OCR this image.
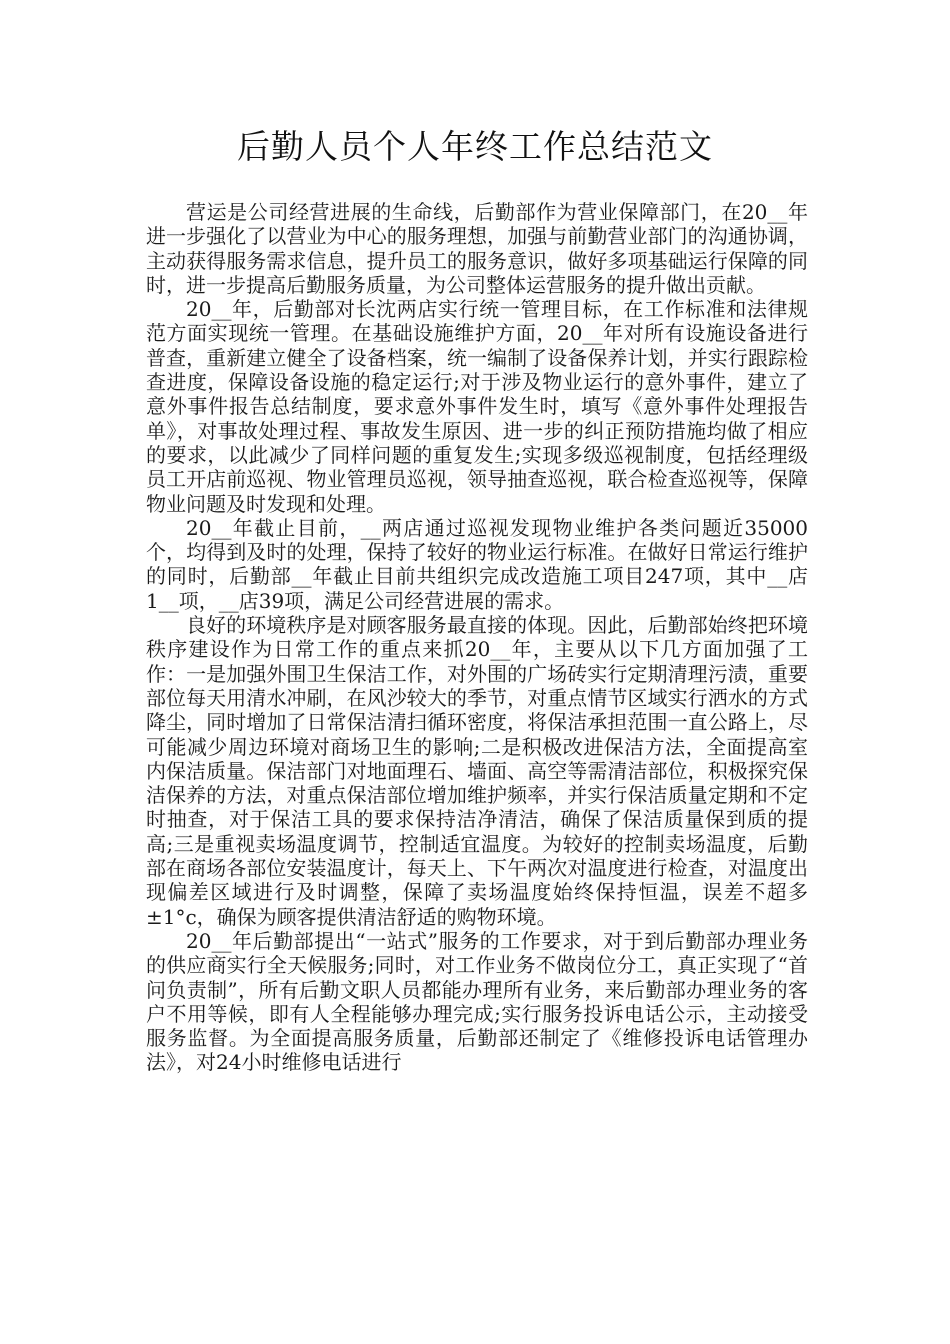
后勤人员个人年终工作总结范文

营运是公司经营进展的生命线，后勤部作为营业保障部门，在20__年进一步强化了以营业为中心的服务理想，加强与前勤营业部门的沟通协调，主动获得服务需求信息，提升员工的服务意识，做好多项基础运行保障的同时，进一步提高后勤服务质量，为公司整体运营服务的提升做出贡献。

20__年，后勤部对长沈两店实行统一管理目标，在工作标准和法律规范方面实现统一管理。在基础设施维护方面，20__年对所有设施设备进行普查，重新建立健全了设备档案，统一编制了设备保养计划，并实行跟踪检查进度，保障设备设施的稳定运行;对于涉及物业运行的意外事件，建立了意外事件报告总结制度，要求意外事件发生时，填写《意外事件处理报告单》，对事故处理过程、事故发生原因、进一步的纠正预防措施均做了相应的要求，以此减少了同样问题的重复发生;实现多级巡视制度，包括经理级员工开店前巡视、物业管理员巡视，领导抽查巡视，联合检查巡视等，保障物业问题及时发现和处理。

20__年截止目前，__两店通过巡视发现物业维护各类问题近35000个，均得到及时的处理，保持了较好的物业运行标准。在做好日常运行维护的同时，后勤部__年截止目前共组织完成改造施工项目247项，其中__店1__项，__店39项，满足公司经营进展的需求。

良好的环境秩序是对顾客服务最直接的体现。因此，后勤部始终把环境秩序建设作为日常工作的重点来抓20__年，主要从以下几方面加强了工作：一是加强外围卫生保洁工作，对外围的广场砖实行定期清理污渍，重要部位每天用清水冲刷，在风沙较大的季节，对重点情节区域实行洒水的方式降尘，同时增加了日常保洁清扫循环密度，将保洁承担范围一直公路上，尽可能减少周边环境对商场卫生的影响;二是积极改进保洁方法，全面提高室内保洁质量。保洁部门对地面理石、墙面、高空等需清洁部位，积极探究保洁保养的方法，对重点保洁部位增加维护频率，并实行保洁质量定期和不定时抽查，对于保洁工具的要求保持洁净清洁，确保了保洁质量保到质的提高;三是重视卖场温度调节，控制适宜温度。为较好的控制卖场温度，后勤部在商场各部位安装温度计，每天上、下午两次对温度进行检查，对温度出现偏差区域进行及时调整，保障了卖场温度始终保持恒温，误差不超多±1°c，确保为顾客提供清洁舒适的购物环境。

20__年后勤部提出“一站式”服务的工作要求，对于到后勤部办理业务的供应商实行全天候服务;同时，对工作业务不做岗位分工，真正实现了“首问负责制”，所有后勤文职人员都能办理所有业务，来后勤部办理业务的客户不用等候，即有人全程能够办理完成;实行服务投诉电话公示，主动接受服务监督。为全面提高服务质量，后勤部还制定了《维修投诉电话管理办法》，对24小时维修电话进行
